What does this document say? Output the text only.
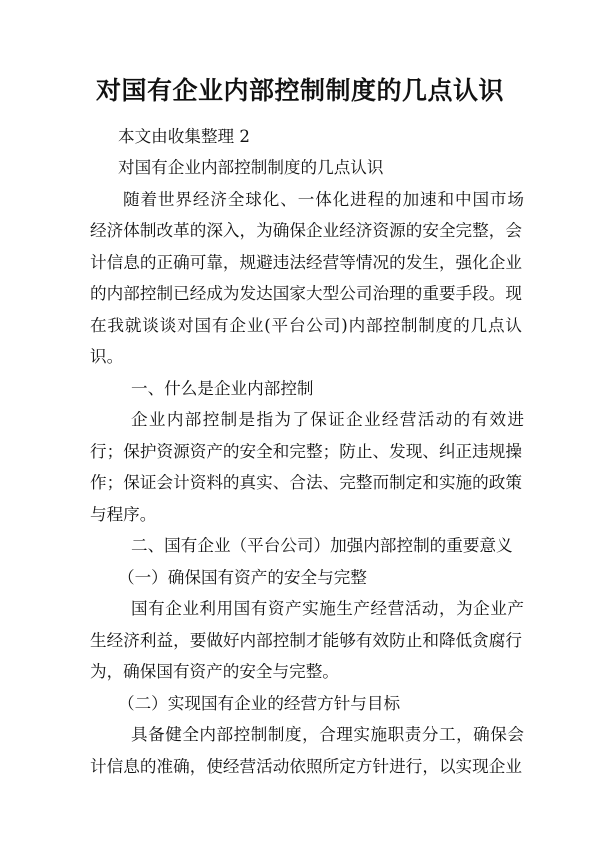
对国有企业内部控制制度的几点认识
本文由收集整理 2
对国有企业内部控制制度的几点认识
随着世界经济全球化、一体化进程的加速和中国市场
经济体制改革的深入，为确保企业经济资源的安全完整，会
计信息的正确可靠，规避违法经营等情况的发生，强化企业
的内部控制已经成为发达国家大型公司治理的重要手段。现
在我就谈谈对国有企业(平台公司)内部控制制度的几点认
识。
一、什么是企业内部控制
企业内部控制是指为了保证企业经营活动的有效进
行；保护资源资产的安全和完整；防止、发现、纠正违规操
作；保证会计资料的真实、合法、完整而制定和实施的政策
与程序。
二、国有企业（平台公司）加强内部控制的重要意义
（一）确保国有资产的安全与完整
国有企业利用国有资产实施生产经营活动，为企业产
生经济利益，要做好内部控制才能够有效防止和降低贪腐行
为，确保国有资产的安全与完整。
（二）实现国有企业的经营方针与目标
具备健全内部控制制度，合理实施职责分工，确保会
计信息的准确，使经营活动依照所定方针进行，以实现企业
